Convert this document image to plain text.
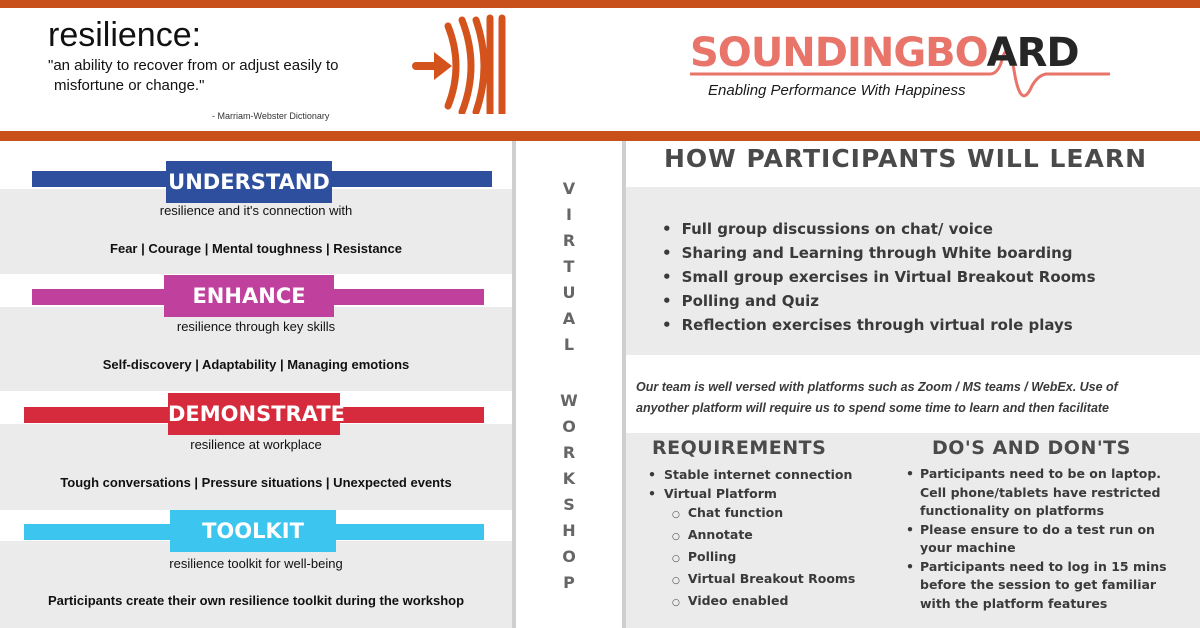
resilience:
"an ability to recover from or adjust easily to
misfortune or change."
- Marriam-Webster Dictionary
SOUNDINGBOARD
Enabling Performance With Happiness
UNDERSTAND
resilience and it's connection with
Fear | Courage | Mental toughness | Resistance
ENHANCE
resilience through key skills
Self-discovery | Adaptability | Managing emotions
DEMONSTRATE
resilience at workplace
Tough conversations | Pressure situations | Unexpected events
TOOLKIT
resilience toolkit for well-being
Participants create their own resilience toolkit during the workshop
V
I
R
T
U
A
L
W
O
R
K
S
H
O
P
HOW PARTICIPANTS WILL LEARN
• Full group discussions on chat/ voice
• Sharing and Learning through White boarding
• Small group exercises in Virtual Breakout Rooms
• Polling and Quiz
• Reflection exercises through virtual role plays
Our team is well versed with platforms such as Zoom / MS teams / WebEx. Use of
anyother platform will require us to spend some time to learn and then facilitate
REQUIREMENTS	DO'S AND DON'TS
• Stable internet connection
• Virtual Platform
○ Chat function
○ Annotate
○ Polling
○ Virtual Breakout Rooms
○ Video enabled
• Participants need to be on laptop. Cell phone/tablets have restricted functionality on platforms
• Please ensure to do a test run on your machine
• Participants need to log in 15 mins before the session to get familiar with the platform features
